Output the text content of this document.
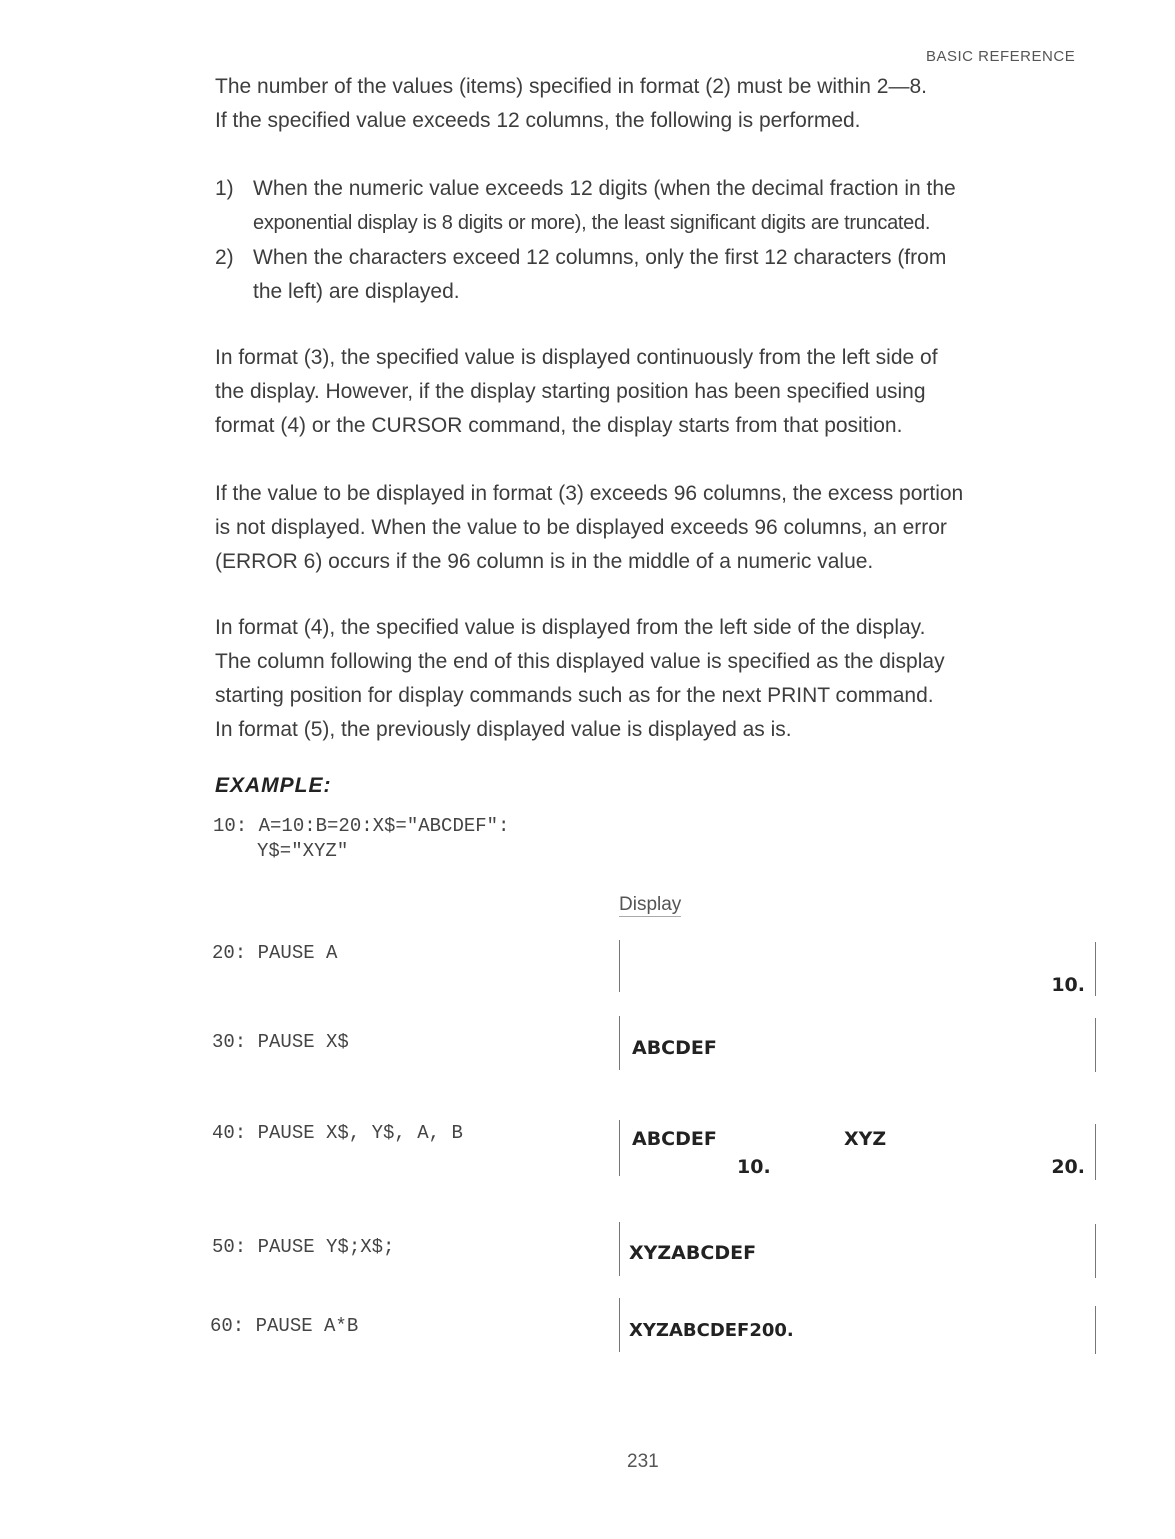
BASIC REFERENCE
The number of the values (items) specified in format (2) must be within 2—8.
If the specified value exceeds 12 columns, the following is performed.
1) When the numeric value exceeds 12 digits (when the decimal fraction in the
exponential display is 8 digits or more), the least significant digits are truncated.
2) When the characters exceed 12 columns, only the first 12 characters (from
the left) are displayed.
In format (3), the specified value is displayed continuously from the left side of
the display. However, if the display starting position has been specified using
format (4) or the CURSOR command, the display starts from that position.
If the value to be displayed in format (3) exceeds 96 columns, the excess portion
is not displayed. When the value to be displayed exceeds 96 columns, an error
(ERROR 6) occurs if the 96 column is in the middle of a numeric value.
In format (4), the specified value is displayed from the left side of the display.
The column following the end of this displayed value is specified as the display
starting position for display commands such as for the next PRINT command.
In format (5), the previously displayed value is displayed as is.
EXAMPLE:
10: A=10:B=20:X$="ABCDEF":
Y$="XYZ"
Display
20: PAUSE A
10.
30: PAUSE X$	ABCDEF
40: PAUSE X$, Y$, A, B	ABCDEF	XYZ
10.	20.
50: PAUSE Y$;X$;	XYZABCDEF
60: PAUSE A*B	XYZABCDEF200.
231
